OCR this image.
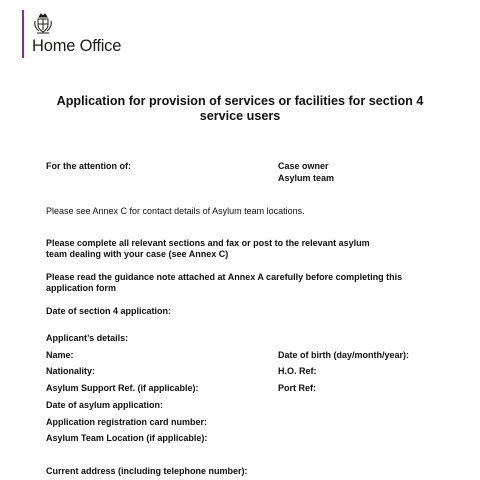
Home Office
Application for provision of services or facilities for section 4 service users
For the attention of:	Case owner
Asylum team
Please see Annex C for contact details of Asylum team locations.
Please complete all relevant sections and fax or post to the relevant asylum
team dealing with your case (see Annex C)
Please read the guidance note attached at Annex A carefully before completing this
application form
Date of section 4 application:
Applicant’s details:
Name:	Date of birth (day/month/year):
Nationality:	H.O. Ref:
Asylum Support Ref. (if applicable):	Port Ref:
Date of asylum application:
Application registration card number:
Asylum Team Location (if applicable):
Current address (including telephone number):
